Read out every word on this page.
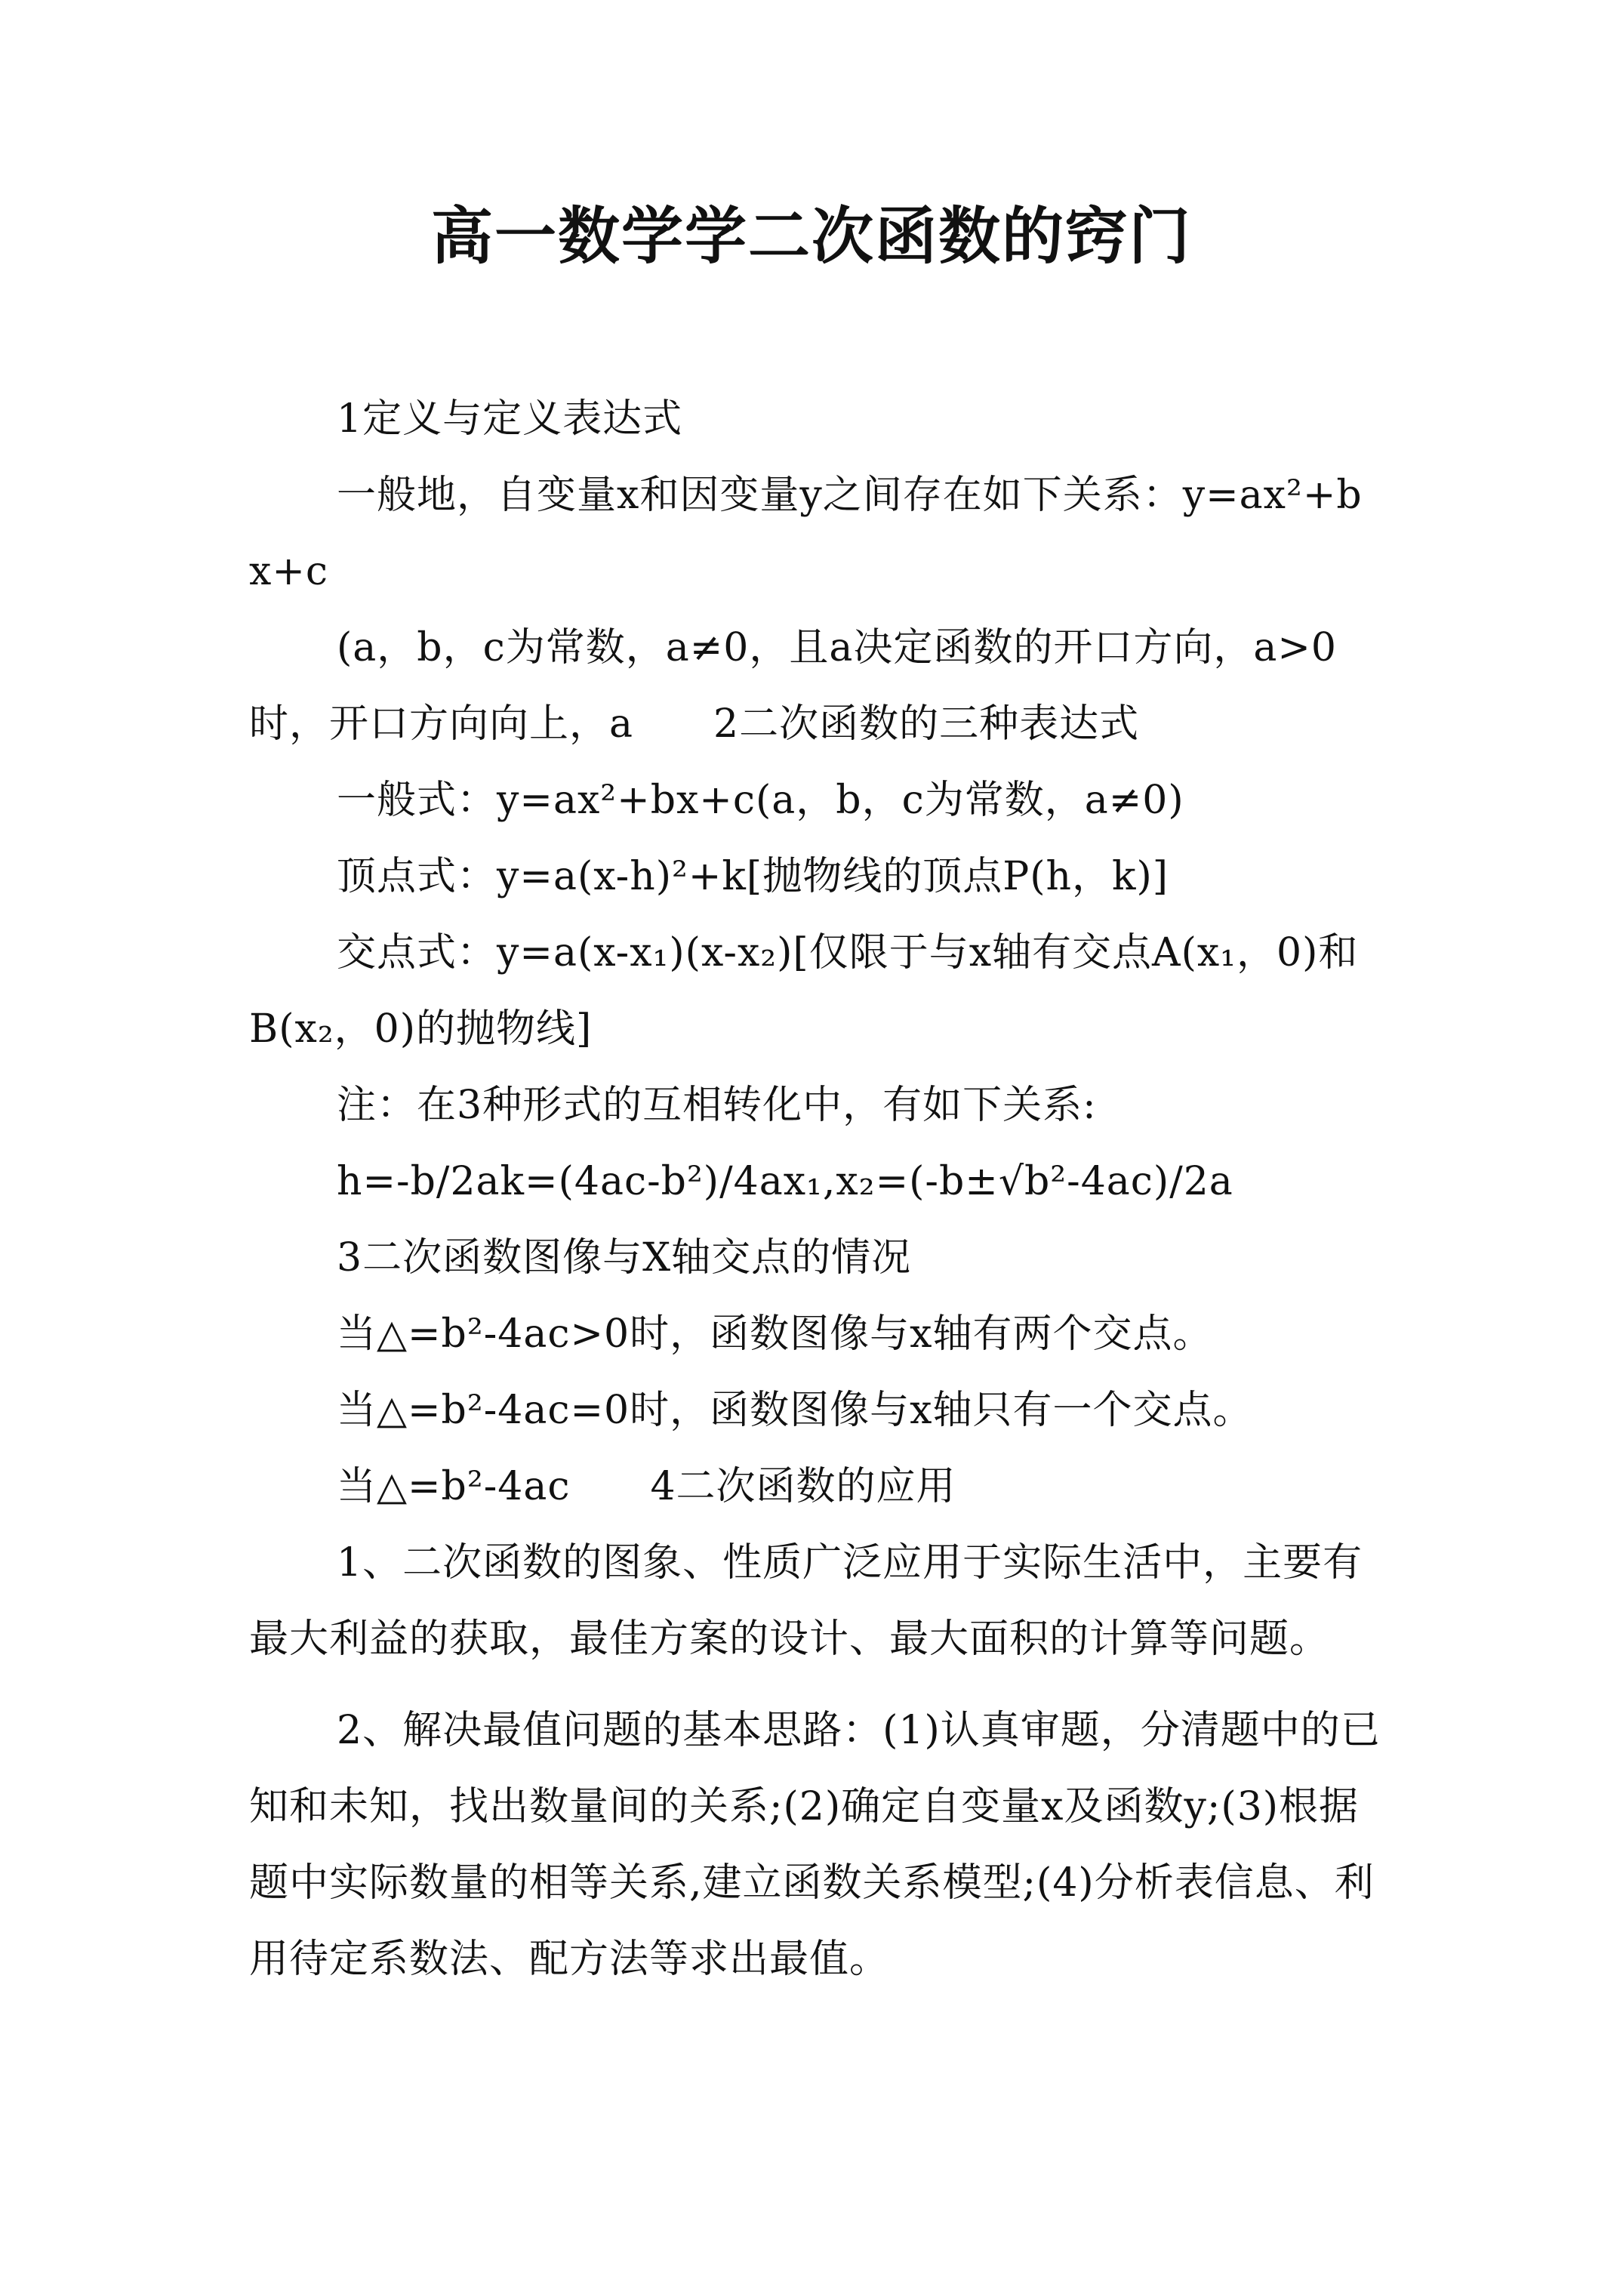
高一数学学二次函数的窍门

1定义与定义表达式

一般地，自变量x和因变量y之间存在如下关系：y=ax²+bx+c

(a，b，c为常数，a≠0，且a决定函数的开口方向，a>0时，开口方向向上，a　　2二次函数的三种表达式

一般式：y=ax²+bx+c(a，b，c为常数，a≠0)

顶点式：y=a(x-h)²+k[抛物线的顶点P(h，k)]

交点式：y=a(x-x₁)(x-x₂)[仅限于与x轴有交点A(x₁，0)和B(x₂，0)的抛物线]

注：在3种形式的互相转化中，有如下关系:

h=-b/2ak=(4ac-b²)/4ax₁,x₂=(-b±√b²-4ac)/2a

3二次函数图像与X轴交点的情况

当△=b²-4ac>0时，函数图像与x轴有两个交点。

当△=b²-4ac=0时，函数图像与x轴只有一个交点。

当△=b²-4ac　　4二次函数的应用

1、二次函数的图象、性质广泛应用于实际生活中，主要有最大利益的获取，最佳方案的设计、最大面积的计算等问题。

2、解决最值问题的基本思路：(1)认真审题，分清题中的已知和未知，找出数量间的关系;(2)确定自变量x及函数y;(3)根据题中实际数量的相等关系,建立函数关系模型;(4)分析表信息、利用待定系数法、配方法等求出最值。
